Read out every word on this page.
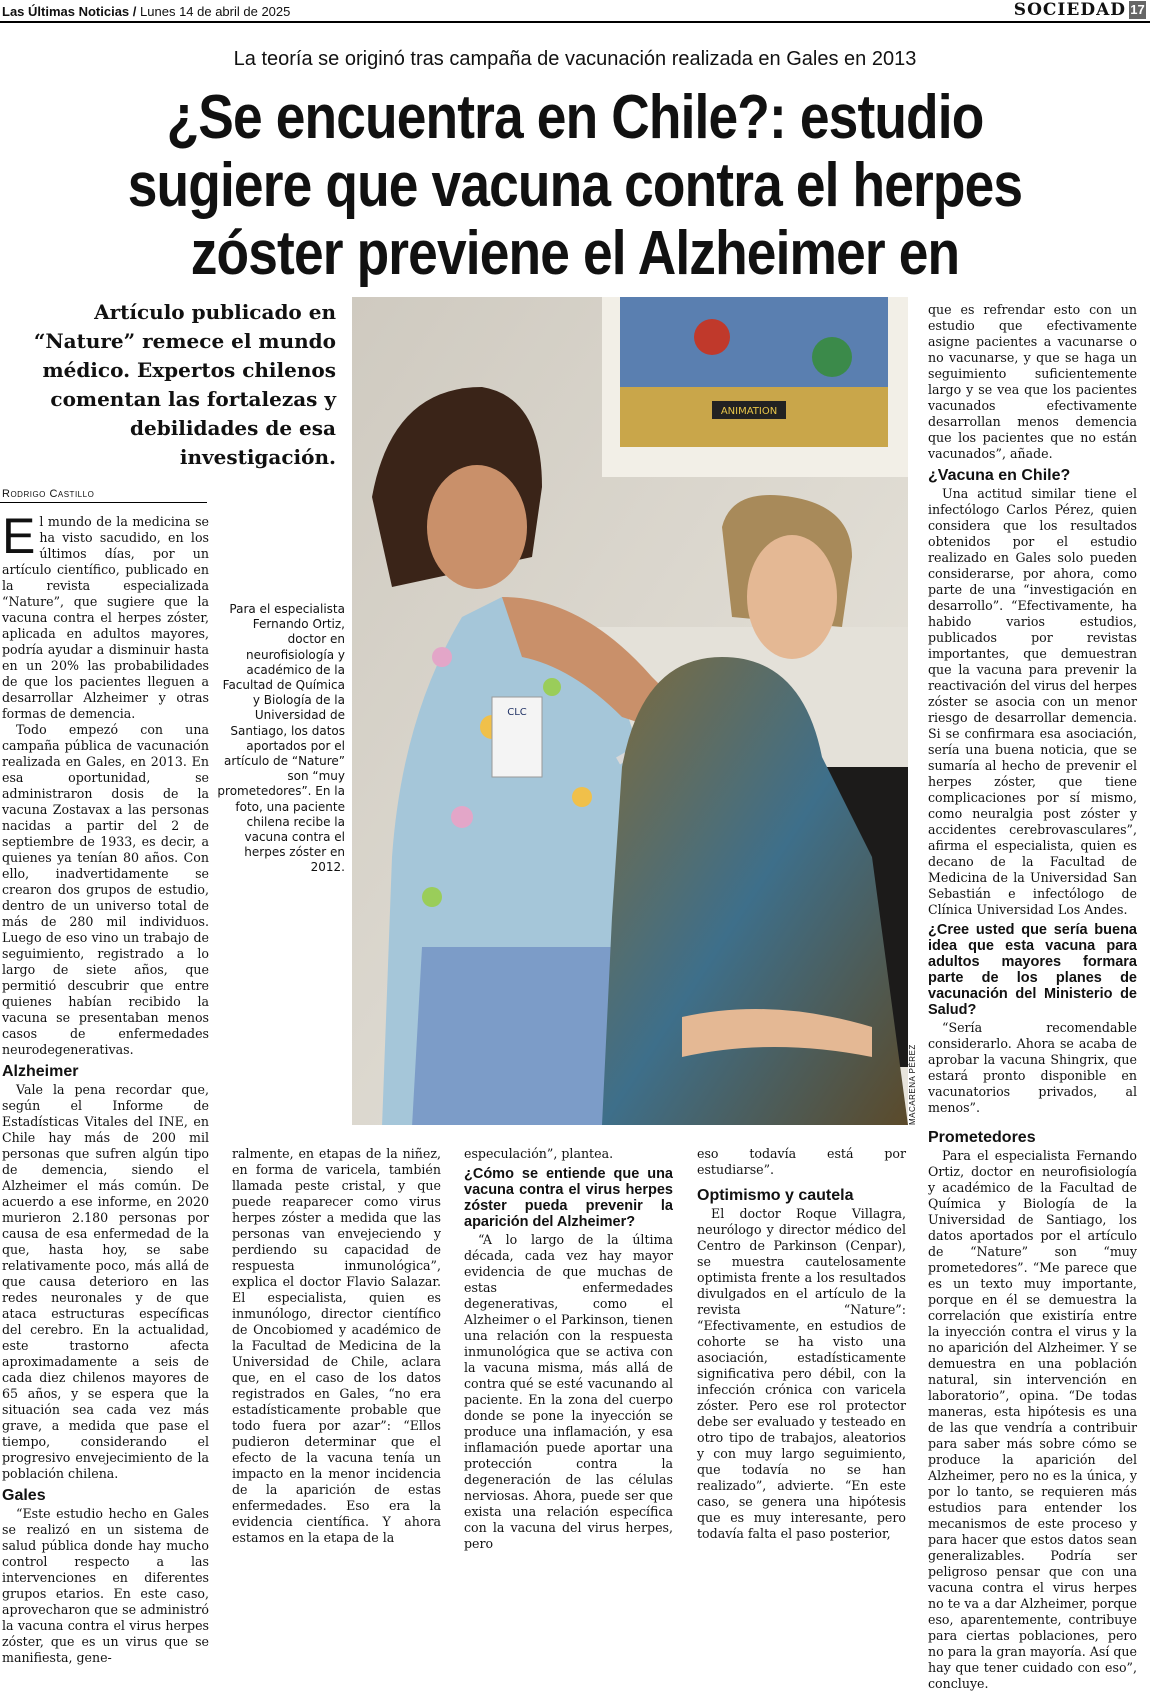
Las Últimas Noticias / Lunes 14 de abril de 2025	SOCIEDAD 17
La teoría se originó tras campaña de vacunación realizada en Gales en 2013
¿Se encuentra en Chile?: estudio sugiere que vacuna contra el herpes zóster previene el Alzheimer en
Artículo publicado en “Nature” remece el mundo médico. Expertos chilenos comentan las fortalezas y debilidades de esa investigación.
Rodrigo Castillo

El mundo de la medicina se ha visto sacudido, en los últimos días, por un artículo científico, publicado en la revista especializada “Nature”, que sugiere que la vacuna contra el herpes zóster, aplicada en adultos mayores, podría ayudar a disminuir hasta en un 20% las probabilidades de que los pacientes lleguen a desarrollar Alzheimer y otras formas de demencia.

Todo empezó con una campaña pública de vacunación realizada en Gales, en 2013. En esa oportunidad, se administraron dosis de la vacuna Zostavax a las personas nacidas a partir del 2 de septiembre de 1933, es decir, a quienes ya tenían 80 años. Con ello, inadvertidamente se crearon dos grupos de estudio, dentro de un universo total de más de 280 mil individuos. Luego de eso vino un trabajo de seguimiento, registrado a lo largo de siete años, que permitió descubrir que entre quienes habían recibido la vacuna se presentaban menos casos de enfermedades neurodegenerativas.

Alzheimer

Vale la pena recordar que, según el Informe de Estadísticas Vitales del INE, en Chile hay más de 200 mil personas que sufren algún tipo de demencia, siendo el Alzheimer el más común. De acuerdo a ese informe, en 2020 murieron 2.180 personas por causa de esa enfermedad de la que, hasta hoy, se sabe relativamente poco, más allá de que causa deterioro en las redes neuronales y de que ataca estructuras específicas del cerebro. En la actualidad, este trastorno afecta aproximadamente a seis de cada diez chilenos mayores de 65 años, y se espera que la situación sea cada vez más grave, a medida que pase el tiempo, considerando el progresivo envejecimiento de la población chilena.

Gales

“Este estudio hecho en Gales se realizó en un sistema de salud pública donde hay mucho control respecto a las intervenciones en diferentes grupos etarios. En este caso, aprovecharon que se administró la vacuna contra el virus herpes zóster, que es un virus que se manifiesta, gene-

ANIMATION
CLC
MACARENA PÉREZ
Para el especialista Fernando Ortiz, doctor en neurofisiología y académico de la Facultad de Química y Biología de la Universidad de Santiago, los datos aportados por el artículo de “Nature” son “muy prometedores”. En la foto, una paciente chilena recibe la vacuna contra el herpes zóster en 2012.

ralmente, en etapas de la niñez, en forma de varicela, también llamada peste cristal, y que puede reaparecer como virus herpes zóster a medida que las personas van envejeciendo y perdiendo su capacidad de respuesta inmunológica”, explica el doctor Flavio Salazar. El especialista, quien es inmunólogo, director científico de Oncobiomed y académico de la Facultad de Medicina de la Universidad de Chile, aclara que, en el caso de los datos registrados en Gales, “no era estadísticamente probable que todo fuera por azar”: “Ellos pudieron determinar que el efecto de la vacuna tenía un impacto en la menor incidencia de la aparición de estas enfermedades. Eso era la evidencia científica. Y ahora estamos en la etapa de la

especulación”, plantea.

¿Cómo se entiende que una vacuna contra el virus herpes zóster pueda prevenir la aparición del Alzheimer?

“A lo largo de la última década, cada vez hay mayor evidencia de que muchas de estas enfermedades degenerativas, como el Alzheimer o el Parkinson, tienen una relación con la respuesta inmunológica que se activa con la vacuna misma, más allá de contra qué se esté vacunando al paciente. En la zona del cuerpo donde se pone la inyección se produce una inflamación, y esa inflamación puede aportar una protección contra la degeneración de las células nerviosas. Ahora, puede ser que exista una relación específica con la vacuna del virus herpes, pero

eso todavía está por estudiarse”.

Optimismo y cautela

El doctor Roque Villagra, neurólogo y director médico del Centro de Parkinson (Cenpar), se muestra cautelosamente optimista frente a los resultados divulgados en el artículo de la revista “Nature”: “Efectivamente, en estudios de cohorte se ha visto una asociación, estadísticamente significativa pero débil, con la infección crónica con varicela zóster. Pero ese rol protector debe ser evaluado y testeado en otro tipo de trabajos, aleatorios y con muy largo seguimiento, que todavía no se han realizado”, advierte. “En este caso, se genera una hipótesis que es muy interesante, pero todavía falta el paso posterior,

que es refrendar esto con un estudio que efectivamente asigne pacientes a vacunarse o no vacunarse, y que se haga un seguimiento suficientemente largo y se vea que los pacientes vacunados efectivamente desarrollan menos demencia que los pacientes que no están vacunados”, añade.

¿Vacuna en Chile?

Una actitud similar tiene el infectólogo Carlos Pérez, quien considera que los resultados obtenidos por el estudio realizado en Gales solo pueden considerarse, por ahora, como parte de una “investigación en desarrollo”. “Efectivamente, ha habido varios estudios, publicados por revistas importantes, que demuestran que la vacuna para prevenir la reactivación del virus del herpes zóster se asocia con un menor riesgo de desarrollar demencia. Si se confirmara esa asociación, sería una buena noticia, que se sumaría al hecho de prevenir el herpes zóster, que tiene complicaciones por sí mismo, como neuralgia post zóster y accidentes cerebrovasculares”, afirma el especialista, quien es decano de la Facultad de Medicina de la Universidad San Sebastián e infectólogo de Clínica Universidad Los Andes.

¿Cree usted que sería buena idea que esta vacuna para adultos mayores formara parte de los planes de vacunación del Ministerio de Salud?

“Sería recomendable considerarlo. Ahora se acaba de aprobar la vacuna Shingrix, que estará pronto disponible en vacunatorios privados, al menos”.

Prometedores

Para el especialista Fernando Ortiz, doctor en neurofisiología y académico de la Facultad de Química y Biología de la Universidad de Santiago, los datos aportados por el artículo de “Nature” son “muy prometedores”. “Me parece que es un texto muy importante, porque en él se demuestra la correlación que existiría entre la inyección contra el virus y la no aparición del Alzheimer. Y se demuestra en una población natural, sin intervención en laboratorio”, opina. “De todas maneras, esta hipótesis es una de las que vendría a contribuir para saber más sobre cómo se produce la aparición del Alzheimer, pero no es la única, y por lo tanto, se requieren más estudios para entender los mecanismos de este proceso y para hacer que estos datos sean generalizables. Podría ser peligroso pensar que con una vacuna contra el virus herpes no te va a dar Alzheimer, porque eso, aparentemente, contribuye para ciertas poblaciones, pero no para la gran mayoría. Así que hay que tener cuidado con eso”, concluye.
